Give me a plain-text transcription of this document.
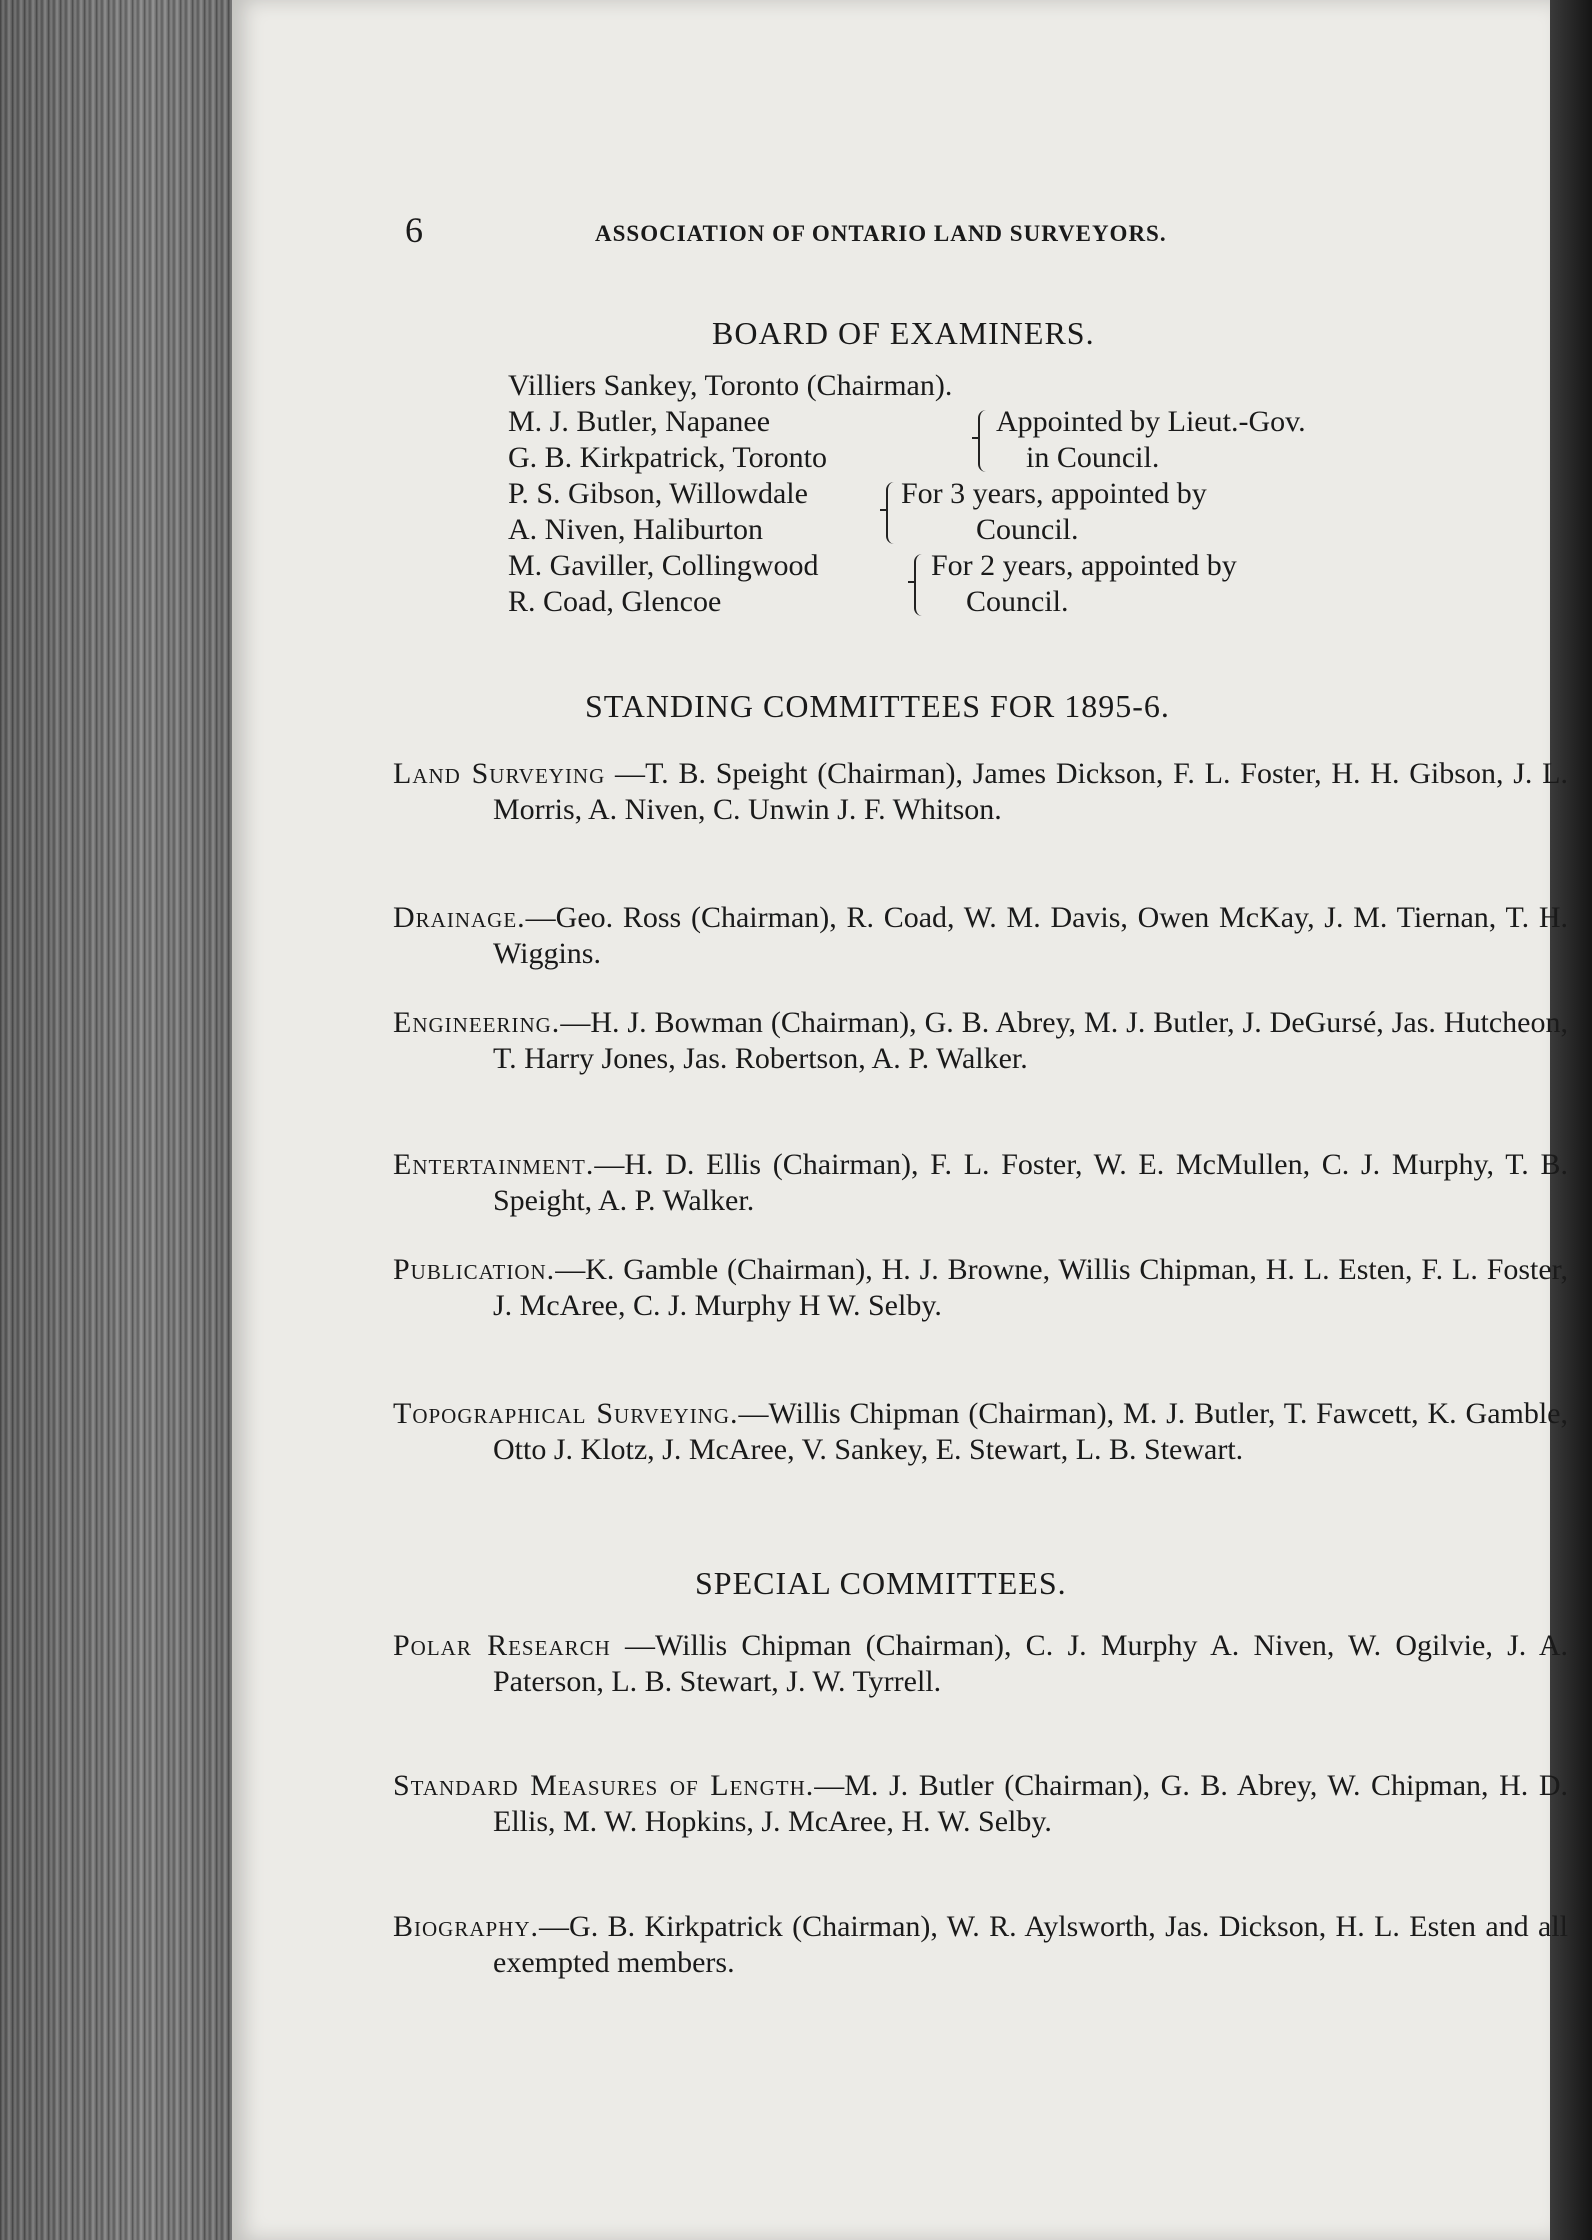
6	ASSOCIATION OF ONTARIO LAND SURVEYORS.
BOARD OF EXAMINERS.
Villiers Sankey, Toronto (Chairman).
M. J. Butler, Napanee	Appointed by Lieut.-Gov.
G. B. Kirkpatrick, Toronto	in Council.
P. S. Gibson, Willowdale	For 3 years, appointed by
A. Niven, Haliburton	Council.
M. Gaviller, Collingwood	For 2 years, appointed by
R. Coad, Glencoe	Council.
STANDING COMMITTEES FOR 1895-6.
Land Surveying —T. B. Speight (Chairman), James Dickson, F. L. Foster, H. H. Gibson, J. L. Morris, A. Niven, C. Unwin J. F. Whitson.
Drainage.—Geo. Ross (Chairman), R. Coad, W. M. Davis, Owen McKay, J. M. Tiernan, T. H. Wiggins.
Engineering.—H. J. Bowman (Chairman), G. B. Abrey, M. J. Butler, J. DeGursé, Jas. Hutcheon, T. Harry Jones, Jas. Robertson, A. P. Walker.
Entertainment.—H. D. Ellis (Chairman), F. L. Foster, W. E. McMullen, C. J. Murphy, T. B. Speight, A. P. Walker.
Publication.—K. Gamble (Chairman), H. J. Browne, Willis Chipman, H. L. Esten, F. L. Foster, J. McAree, C. J. Murphy H W. Selby.
Topographical Surveying.—Willis Chipman (Chairman), M. J. Butler, T. Fawcett, K. Gamble, Otto J. Klotz, J. McAree, V. Sankey, E. Stewart, L. B. Stewart.
SPECIAL COMMITTEES.
Polar Research —Willis Chipman (Chairman), C. J. Murphy A. Niven, W. Ogilvie, J. A. Paterson, L. B. Stewart, J. W. Tyrrell.
Standard Measures of Length.—M. J. Butler (Chairman), G. B. Abrey, W. Chipman, H. D. Ellis, M. W. Hopkins, J. McAree, H. W. Selby.
Biography.—G. B. Kirkpatrick (Chairman), W. R. Aylsworth, Jas. Dickson, H. L. Esten and all exempted members.
